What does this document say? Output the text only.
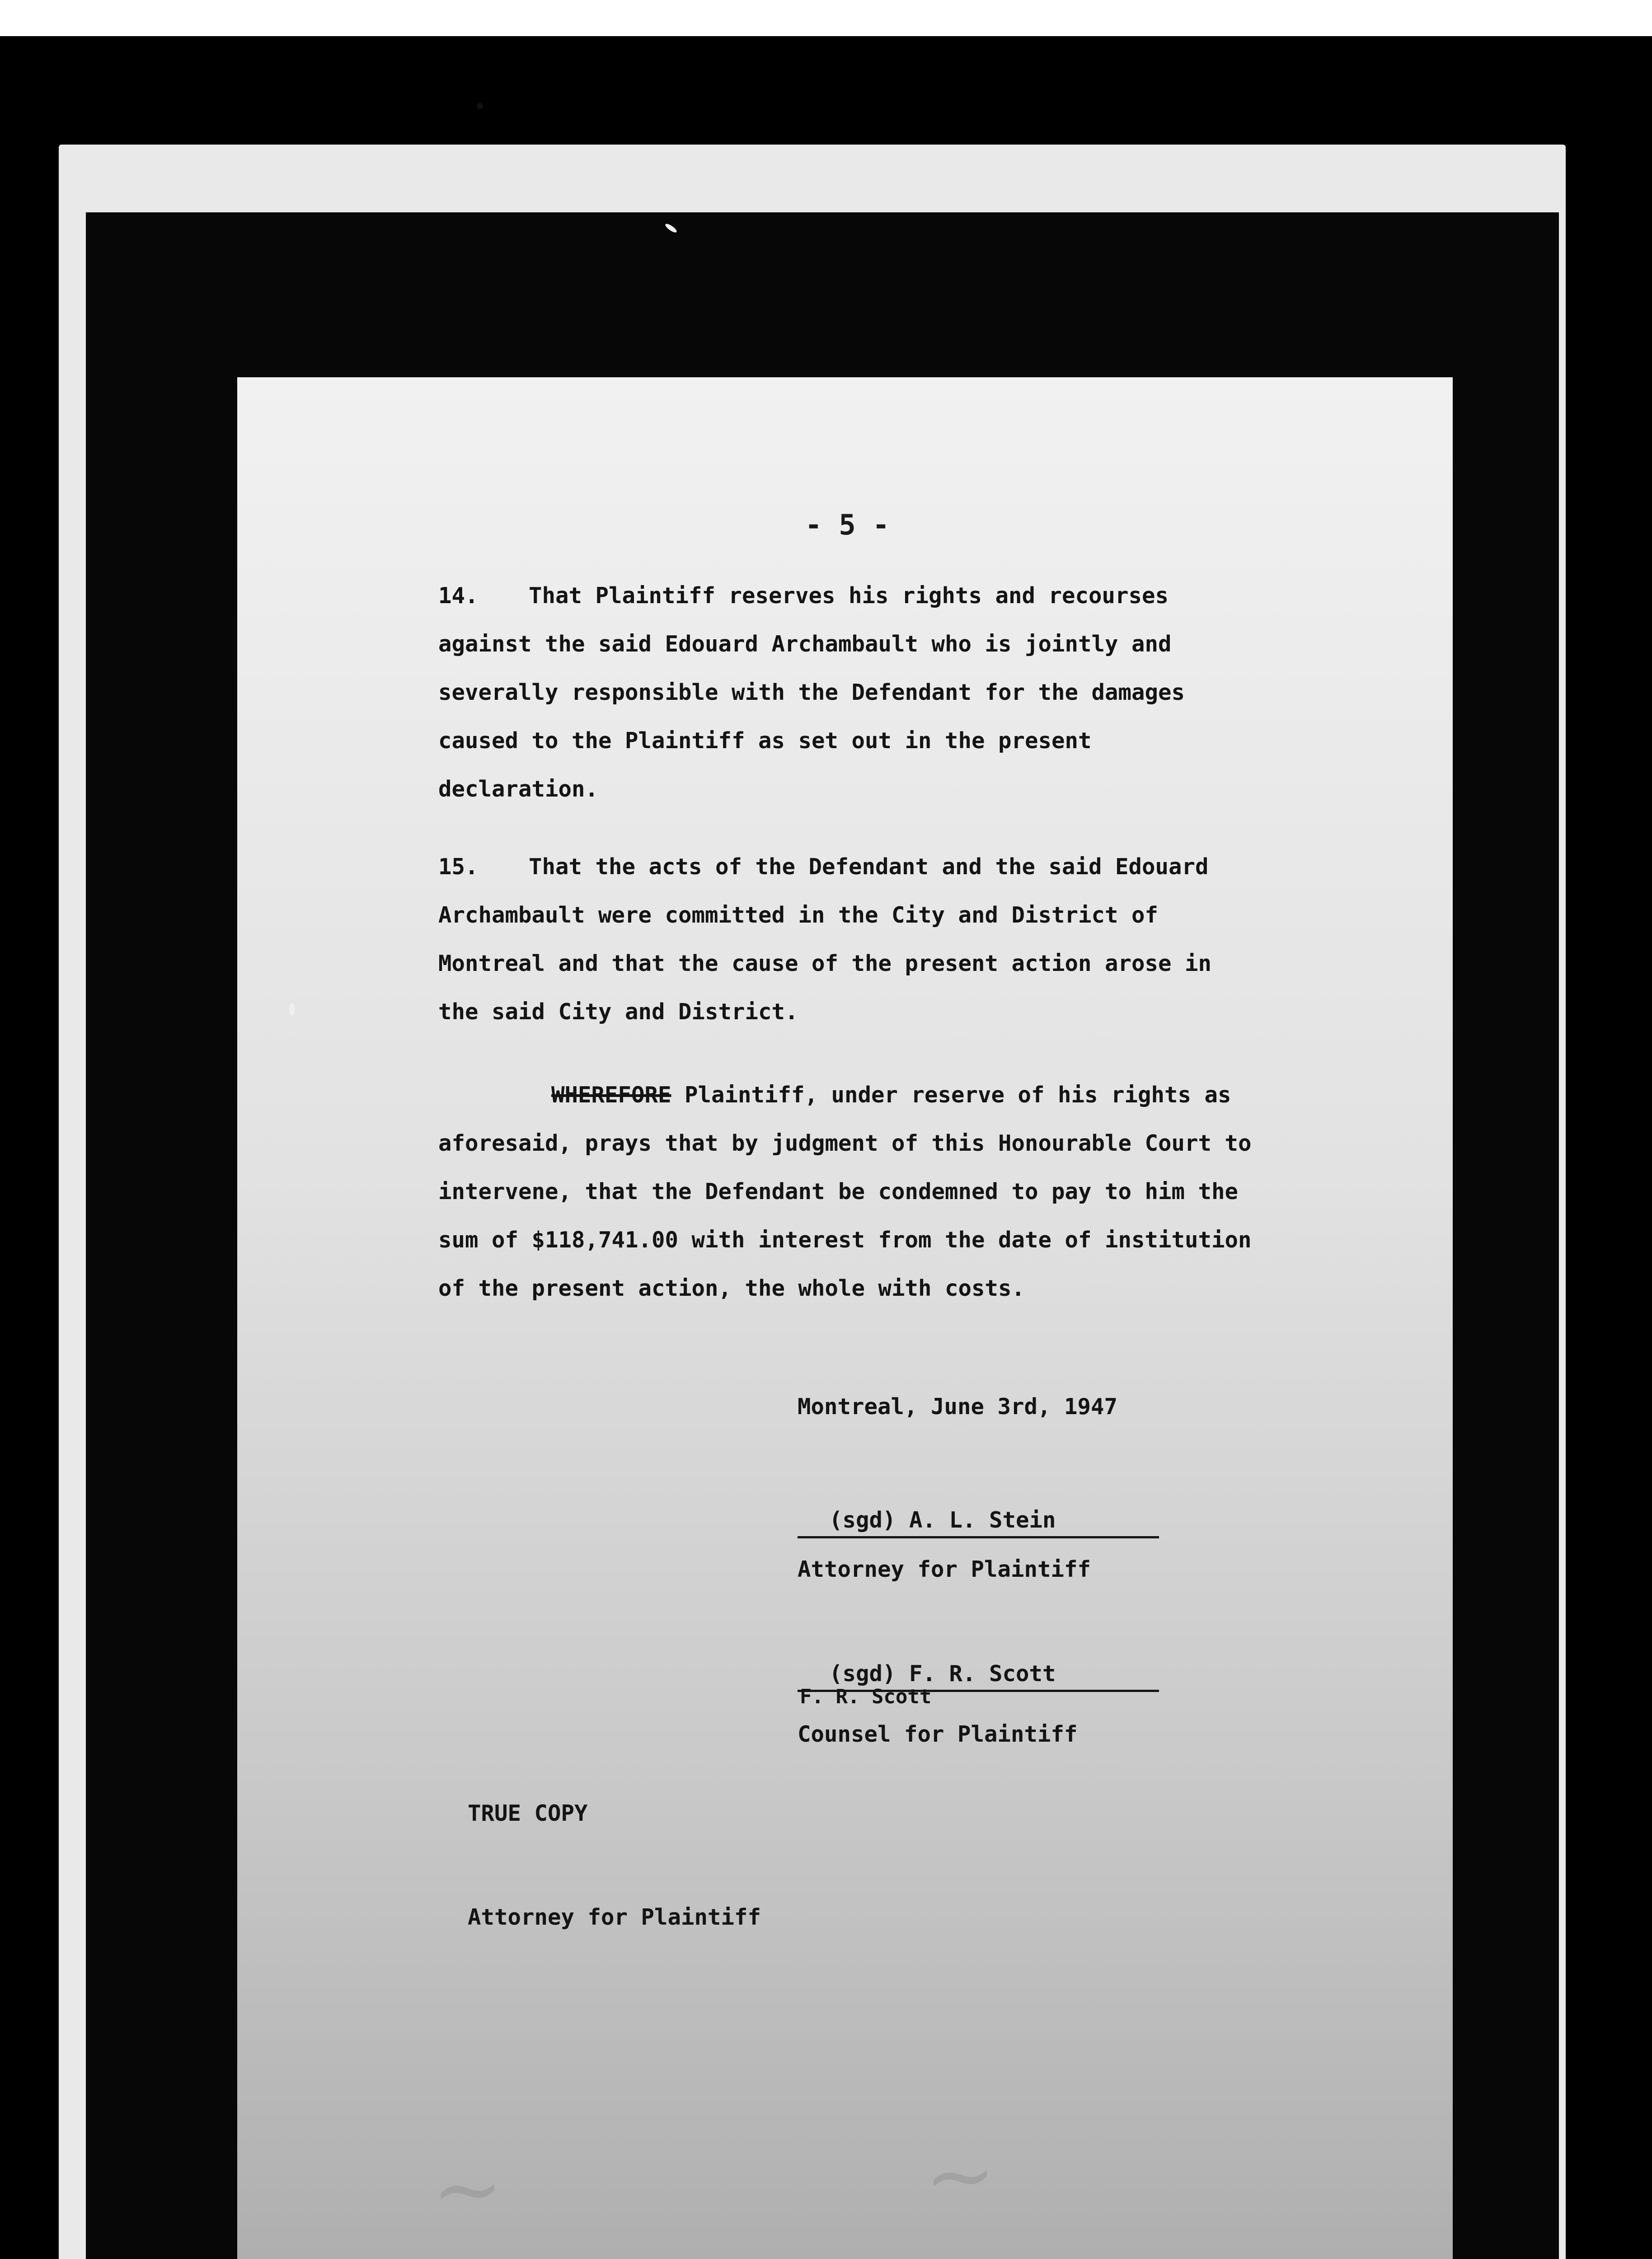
~	~
- 5 -
14. That Plaintiff reserves his rights and recourses against the said Edouard Archambault who is jointly and severally responsible with the Defendant for the damages caused to the Plaintiff as set out in the present declaration.
15. That the acts of the Defendant and the said Edouard Archambault were committed in the City and District of Montreal and that the cause of the present action arose in the said City and District.
WHEREFORE Plaintiff, under reserve of his rights as aforesaid, prays that by judgment of this Honourable Court to intervene, that the Defendant be condemned to pay to him the sum of $118,741.00 with interest from the date of institution of the present action, the whole with costs.
Montreal, June 3rd, 1947
(sgd) A. L. Stein
Attorney for Plaintiff
(sgd) F. R. Scott
F. R. Scott
Counsel for Plaintiff
TRUE COPY
Attorney for Plaintiff
